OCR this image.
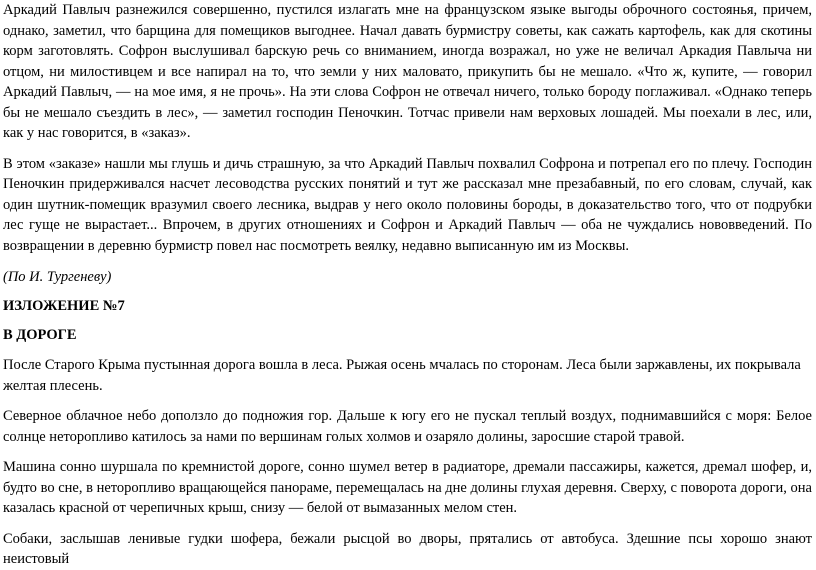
Аркадий Павлыч разнежился совершенно, пустился излагать мне на французском языке выгоды оброчного состоянья, причем, однако, заметил, что барщина для помещиков выгоднее. Начал давать бурмистру советы, как сажать картофель, как для скотины корм заготовлять. Софрон выслушивал барскую речь со вниманием, иногда возражал, но уже не величал Аркадия Павлыча ни отцом, ни милостивцем и все напирал на то, что земли у них маловато, прикупить бы не мешало. «Что ж, купите, — говорил Аркадий Павлыч, — на мое имя, я не прочь». На эти слова Софрон не отвечал ничего, только бороду поглаживал. «Однако теперь бы не мешало съездить в лес», — заметил господин Пеночкин. Тотчас привели нам верховых лошадей. Мы поехали в лес, или, как у нас говорится, в «заказ».

В этом «заказе» нашли мы глушь и дичь страшную, за что Аркадий Павлыч похвалил Софрона и потрепал его по плечу. Господин Пеночкин придерживался насчет лесоводства русских понятий и тут же рассказал мне презабавный, по его словам, случай, как один шутник-помещик вразумил своего лесника, выдрав у него около половины бороды, в доказательство того, что от подрубки лес гуще не вырастает... Впрочем, в других отношениях и Софрон и Аркадий Павлыч — оба не чуждались нововведений. По возвращении в деревню бурмистр повел нас посмотреть веялку, недавно выписанную им из Москвы.

(По И. Тургеневу)

ИЗЛОЖЕНИЕ №7

В ДОРОГЕ

После Старого Крыма пустынная дорога вошла в леса. Рыжая осень мчалась по сторонам. Леса были заржавлены, их покрывала желтая плесень.

Северное облачное небо доползло до подножия гор. Дальше к югу его не пускал теплый воздух, поднимавшийся с моря: Белое солнце неторопливо катилось за нами по вершинам голых холмов и озаряло долины, заросшие старой травой.

Машина сонно шуршала по кремнистой дороге, сонно шумел ветер в радиаторе, дремали пассажиры, кажется, дремал шофер, и, будто во сне, в неторопливо вращающейся панораме, перемещалась на дне долины глухая деревня. Сверху, с поворота дороги, она казалась красной от черепичных крыш, снизу — белой от вымазанных мелом стен.

Собаки, заслышав ленивые гудки шофера, бежали рысцой во дворы, прятались от автобуса. Здешние псы хорошо знают неистовый
